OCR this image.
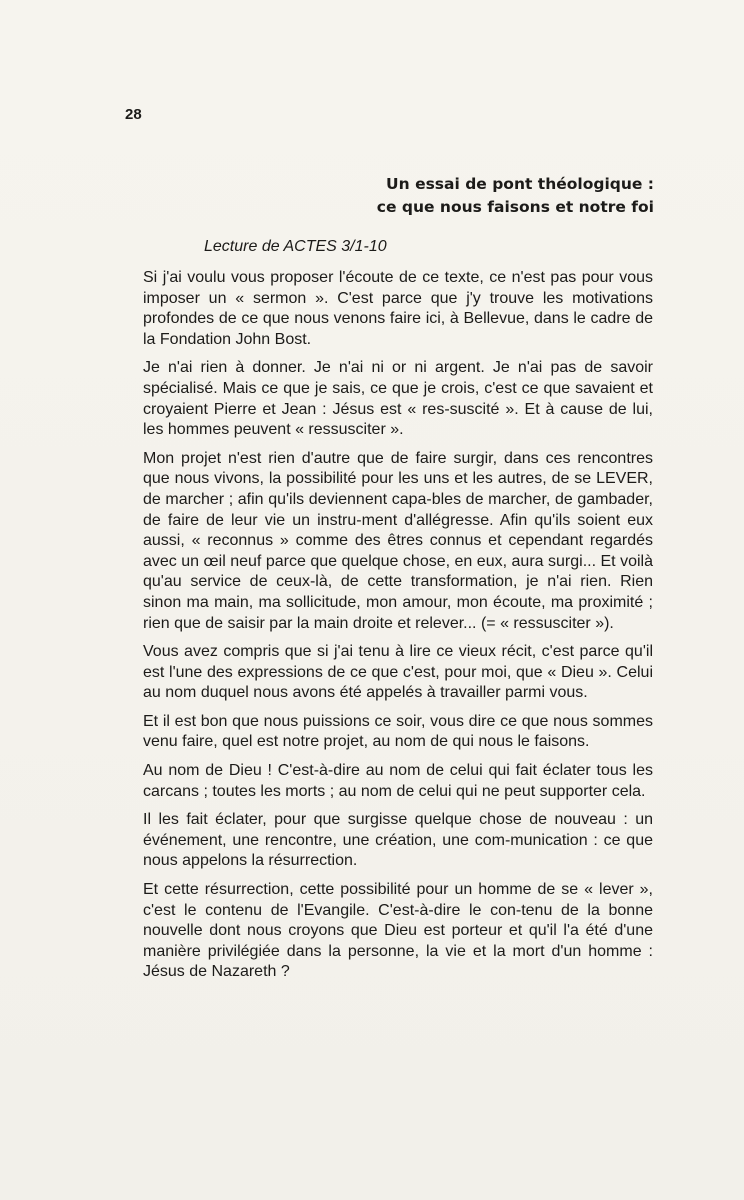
28
Un essai de pont théologique :
ce que nous faisons et notre foi
Lecture de ACTES 3/1-10

Si j'ai voulu vous proposer l'écoute de ce texte, ce n'est pas pour vous imposer un « sermon ». C'est parce que j'y trouve les motivations profondes de ce que nous venons faire ici, à Bellevue, dans le cadre de la Fondation John Bost.

Je n'ai rien à donner. Je n'ai ni or ni argent. Je n'ai pas de savoir spécialisé. Mais ce que je sais, ce que je crois, c'est ce que savaient et croyaient Pierre et Jean : Jésus est « res-suscité ». Et à cause de lui, les hommes peuvent « ressusciter ».

Mon projet n'est rien d'autre que de faire surgir, dans ces rencontres que nous vivons, la possibilité pour les uns et les autres, de se LEVER, de marcher ; afin qu'ils deviennent capa-bles de marcher, de gambader, de faire de leur vie un instru-ment d'allégresse. Afin qu'ils soient eux aussi, « reconnus » comme des êtres connus et cependant regardés avec un œil neuf parce que quelque chose, en eux, aura surgi... Et voilà qu'au service de ceux-là, de cette transformation, je n'ai rien. Rien sinon ma main, ma sollicitude, mon amour, mon écoute, ma proximité ; rien que de saisir par la main droite et relever... (= « ressusciter »).

Vous avez compris que si j'ai tenu à lire ce vieux récit, c'est parce qu'il est l'une des expressions de ce que c'est, pour moi, que « Dieu ». Celui au nom duquel nous avons été appelés à travailler parmi vous.

Et il est bon que nous puissions ce soir, vous dire ce que nous sommes venu faire, quel est notre projet, au nom de qui nous le faisons.

Au nom de Dieu ! C'est-à-dire au nom de celui qui fait éclater tous les carcans ; toutes les morts ; au nom de celui qui ne peut supporter cela.

Il les fait éclater, pour que surgisse quelque chose de nouveau : un événement, une rencontre, une création, une com-munication : ce que nous appelons la résurrection.

Et cette résurrection, cette possibilité pour un homme de se « lever », c'est le contenu de l'Evangile. C'est-à-dire le con-tenu de la bonne nouvelle dont nous croyons que Dieu est porteur et qu'il l'a été d'une manière privilégiée dans la personne, la vie et la mort d'un homme : Jésus de Nazareth ?
